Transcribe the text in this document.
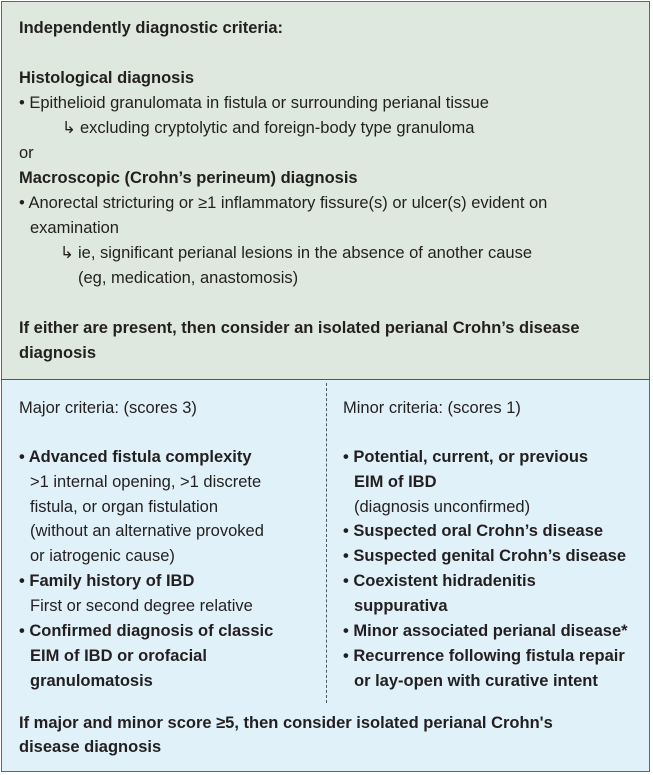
Independently diagnostic criteria:
Histological diagnosis
• Epithelioid granulomata in fistula or surrounding perianal tissue
↳ excluding cryptolytic and foreign-body type granuloma
or
Macroscopic (Crohn’s perineum) diagnosis
• Anorectal stricturing or ≥1 inflammatory fissure(s) or ulcer(s) evident on
examination
↳ ie, significant perianal lesions in the absence of another cause
(eg, medication, anastomosis)
If either are present, then consider an isolated perianal Crohn’s disease
diagnosis
Major criteria: (scores 3)
• Advanced fistula complexity
>1 internal opening, >1 discrete
fistula, or organ fistulation
(without an alternative provoked
or iatrogenic cause)
• Family history of IBD
First or second degree relative
• Confirmed diagnosis of classic
EIM of IBD or orofacial
granulomatosis
Minor criteria: (scores 1)
• Potential, current, or previous
EIM of IBD
(diagnosis unconfirmed)
• Suspected oral Crohn’s disease
• Suspected genital Crohn’s disease
• Coexistent hidradenitis
suppurativa
• Minor associated perianal disease*
• Recurrence following fistula repair
or lay-open with curative intent
If major and minor score ≥5, then consider isolated perianal Crohn's
disease diagnosis
